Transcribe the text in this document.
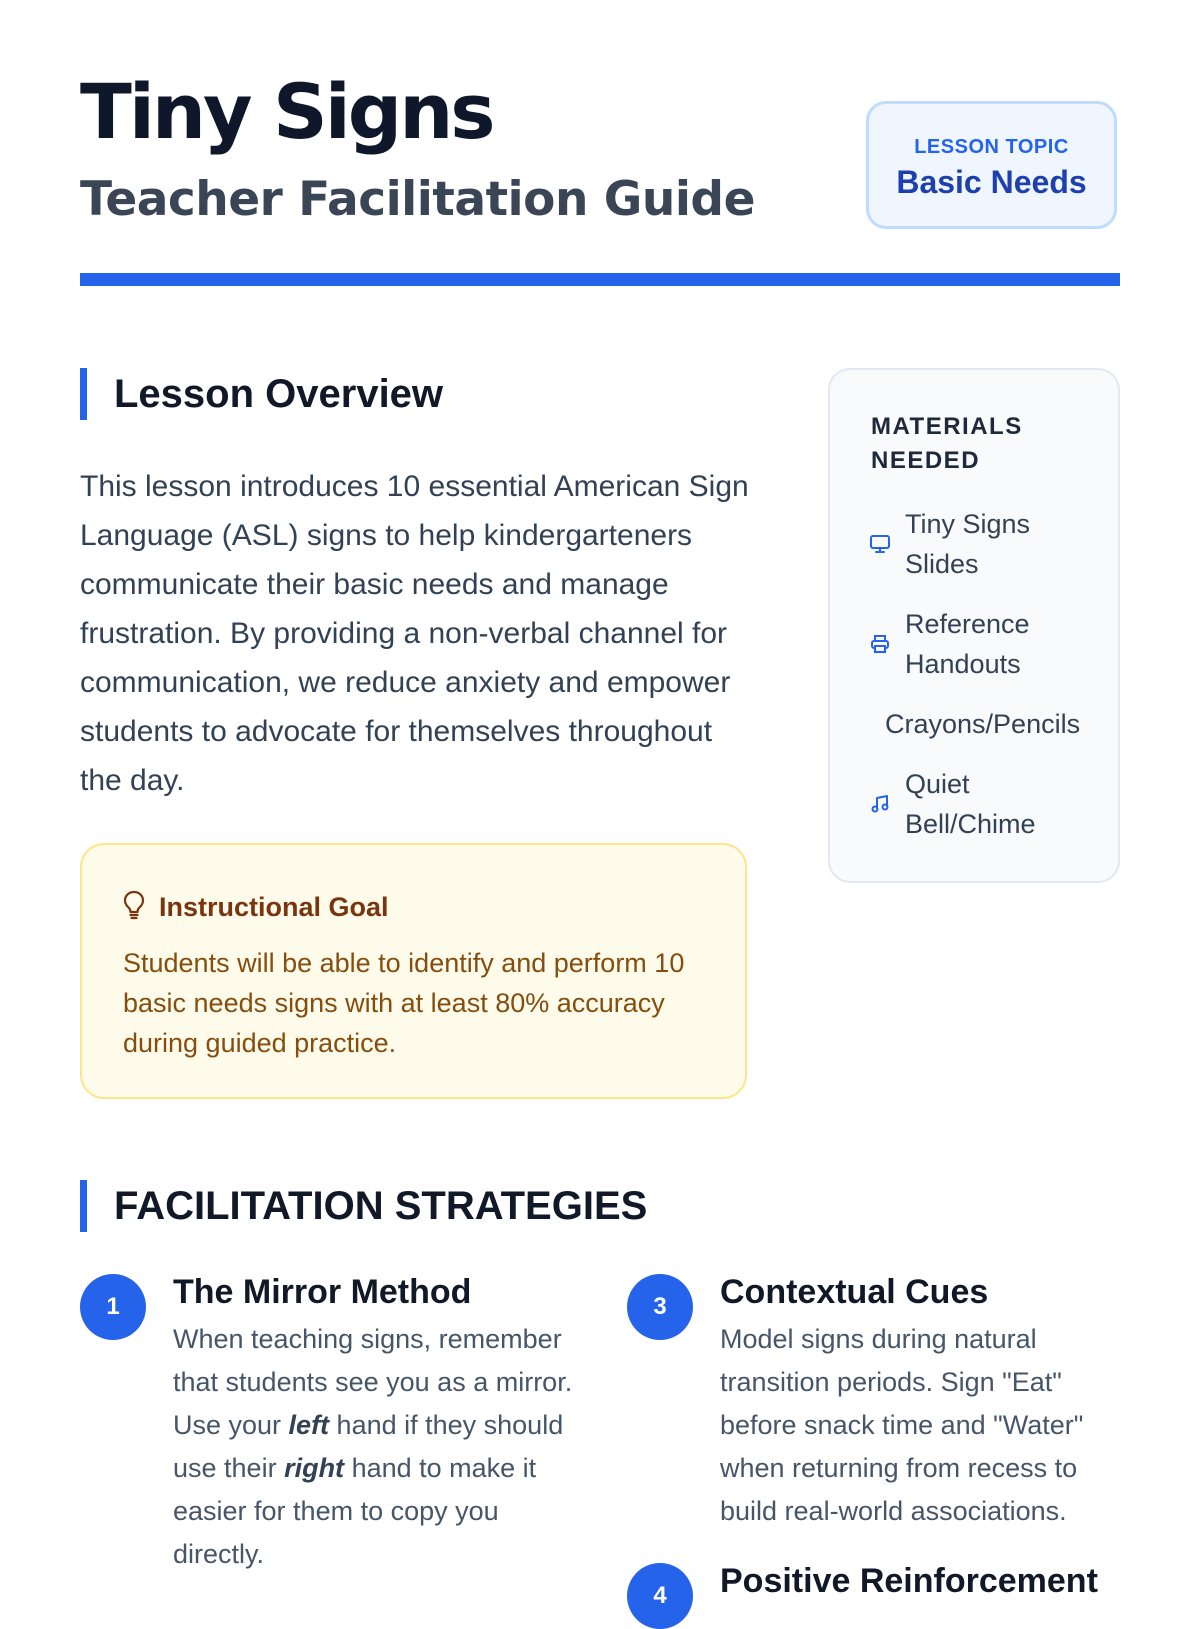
Tiny Signs
Teacher Facilitation Guide
LESSON TOPIC
Basic Needs
Lesson Overview

This lesson introduces 10 essential American Sign Language (ASL) signs to help kindergarteners communicate their basic needs and manage frustration. By providing a non-verbal channel for communication, we reduce anxiety and empower students to advocate for themselves throughout the day.

Instructional Goal

Students will be able to identify and perform 10 basic needs signs with at least 80% accuracy during guided practice.

MATERIALS NEEDED
Tiny Signs Slides
Reference Handouts
Crayons/Pencils
Quiet Bell/Chime
FACILITATION STRATEGIES
1	The Mirror Method

When teaching signs, remember that students see you as a mirror. Use your left hand if they should use their right hand to make it easier for them to copy you directly.

3	Contextual Cues

Model signs during natural transition periods. Sign "Eat" before snack time and "Water" when returning from recess to build real-world associations.

4	Positive Reinforcement
